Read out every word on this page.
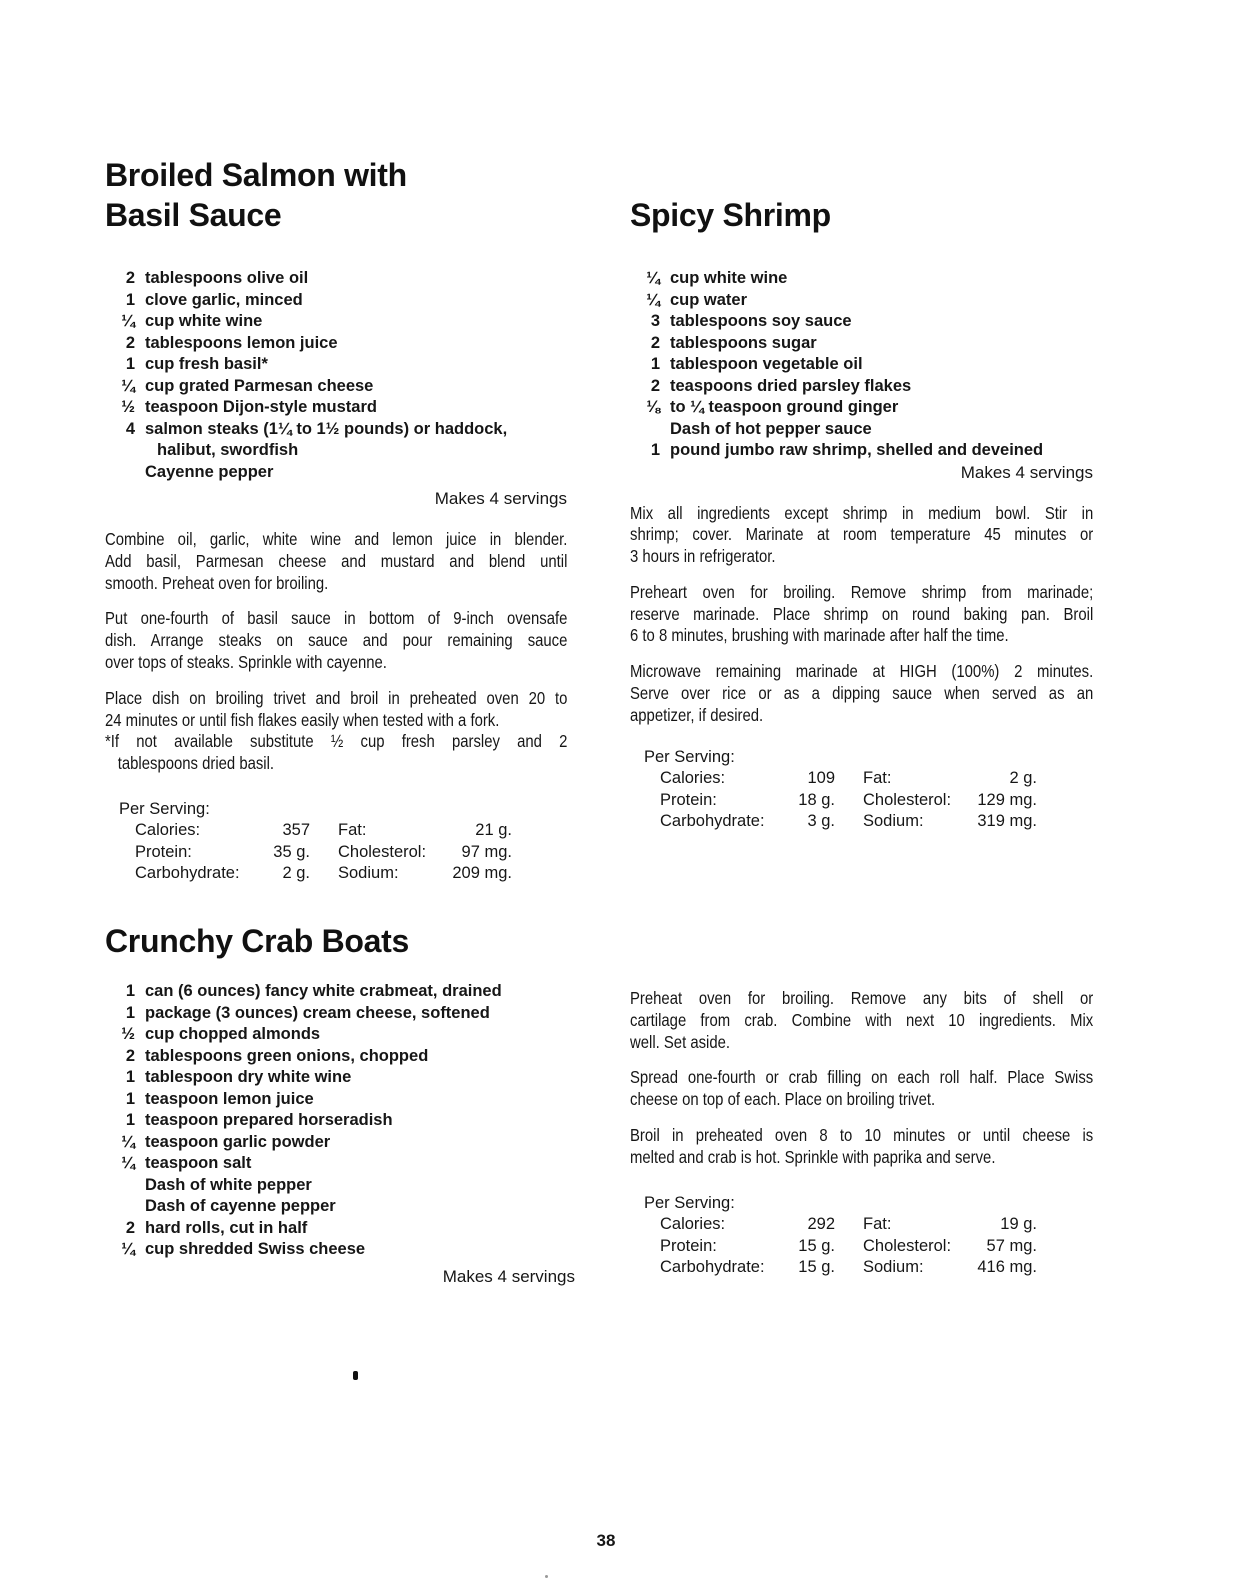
Broiled Salmon with
Basil Sauce
2 tablespoons olive oil
1 clove garlic, minced
¼ cup white wine
2 tablespoons lemon juice
1 cup fresh basil*
¼ cup grated Parmesan cheese
½ teaspoon Dijon-style mustard
4 salmon steaks (1¼ to 1½ pounds) or haddock,
halibut, swordfish
Cayenne pepper
Makes 4 servings
Combine oil, garlic, white wine and lemon juice in blender.
Add basil, Parmesan cheese and mustard and blend until
smooth. Preheat oven for broiling.
Put one-fourth of basil sauce in bottom of 9-inch ovensafe
dish. Arrange steaks on sauce and pour remaining sauce
over tops of steaks. Sprinkle with cayenne.
Place dish on broiling trivet and broil in preheated oven 20 to
24 minutes or until fish flakes easily when tested with a fork.
*If not available substitute ½ cup fresh parsley and 2
tablespoons dried basil.
Per Serving:
Calories:	357	Fat:	21 g.
Protein:	35 g.	Cholesterol:	97 mg.
Carbohydrate:	2 g.	Sodium:	209 mg.
Spicy Shrimp
¼ cup white wine
¼ cup water
3 tablespoons soy sauce
2 tablespoons sugar
1 tablespoon vegetable oil
2 teaspoons dried parsley flakes
⅛ to ¼ teaspoon ground ginger
Dash of hot pepper sauce
1 pound jumbo raw shrimp, shelled and deveined
Makes 4 servings
Mix all ingredients except shrimp in medium bowl. Stir in
shrimp; cover. Marinate at room temperature 45 minutes or
3 hours in refrigerator.
Preheart oven for broiling. Remove shrimp from marinade;
reserve marinade. Place shrimp on round baking pan. Broil
6 to 8 minutes, brushing with marinade after half the time.
Microwave remaining marinade at HIGH (100%) 2 minutes.
Serve over rice or as a dipping sauce when served as an
appetizer, if desired.
Per Serving:
Calories:	109	Fat:	2 g.
Protein:	18 g.	Cholesterol:	129 mg.
Carbohydrate:	3 g.	Sodium:	319 mg.
Crunchy Crab Boats
1 can (6 ounces) fancy white crabmeat, drained
1 package (3 ounces) cream cheese, softened
½ cup chopped almonds
2 tablespoons green onions, chopped
1 tablespoon dry white wine
1 teaspoon lemon juice
1 teaspoon prepared horseradish
¼ teaspoon garlic powder
¼ teaspoon salt
Dash of white pepper
Dash of cayenne pepper
2 hard rolls, cut in half
¼ cup shredded Swiss cheese
Makes 4 servings
Preheat oven for broiling. Remove any bits of shell or
cartilage from crab. Combine with next 10 ingredients. Mix
well. Set aside.
Spread one-fourth or crab filling on each roll half. Place Swiss
cheese on top of each. Place on broiling trivet.
Broil in preheated oven 8 to 10 minutes or until cheese is
melted and crab is hot. Sprinkle with paprika and serve.
Per Serving:
Calories:	292	Fat:	19 g.
Protein:	15 g.	Cholesterol:	57 mg.
Carbohydrate:	15 g.	Sodium:	416 mg.
38
